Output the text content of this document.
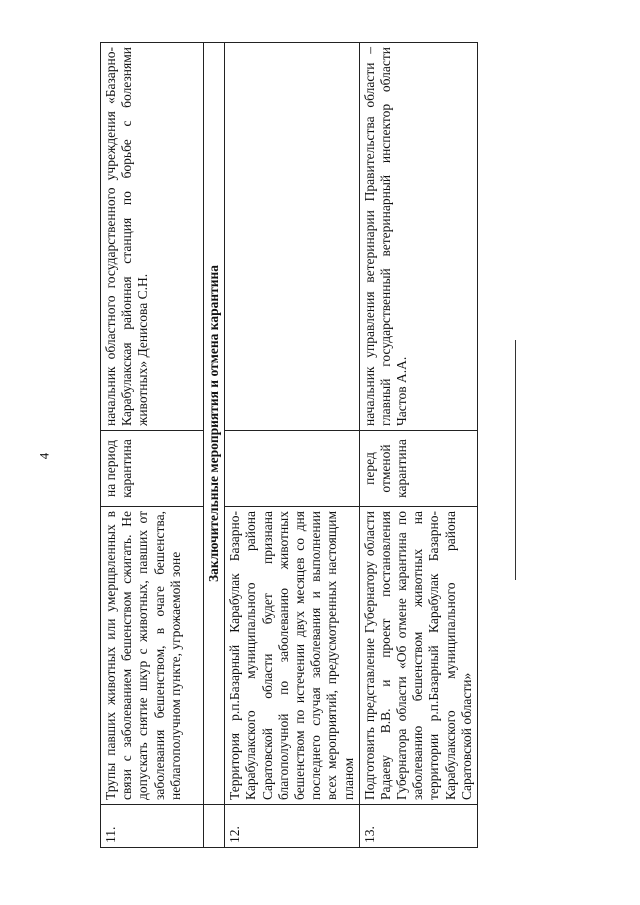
4
11.	Трупы павших животных или умерщвленных в связи с заболеванием бешенством сжигать. Не допускать снятие шкур с животных, павших от заболевания бешенством, в очаге бешенства, неблагополучном пункте, угрожаемой зоне	на период карантина	начальник областного государственного учреждения «Базарно-Карабулакская районная станция по борьбе с болезнями животных» Денисова С.Н.
	Заключительные мероприятия и отмена карантина		
12.	Территория р.п.Базарный Карабулак Базарно-Карабулакского муниципального района Саратовской области будет признана благополучной по заболеванию животных бешенством по истечении двух месяцев со дня последнего случая заболевания и выполнении всех мероприятий, предусмотренных настоящим планом		
13.	Подготовить представление Губернатору области Радаеву В.В. и проект постановления Губернатора области «Об отмене карантина по заболеванию бешенством животных на территории р.п.Базарный Карабулак Базарно-Карабулакского муниципального района Саратовской области»	перед отменой карантина	начальник управления ветеринарии Правительства области – главный государственный ветеринарный инспектор области Частов А.А.
